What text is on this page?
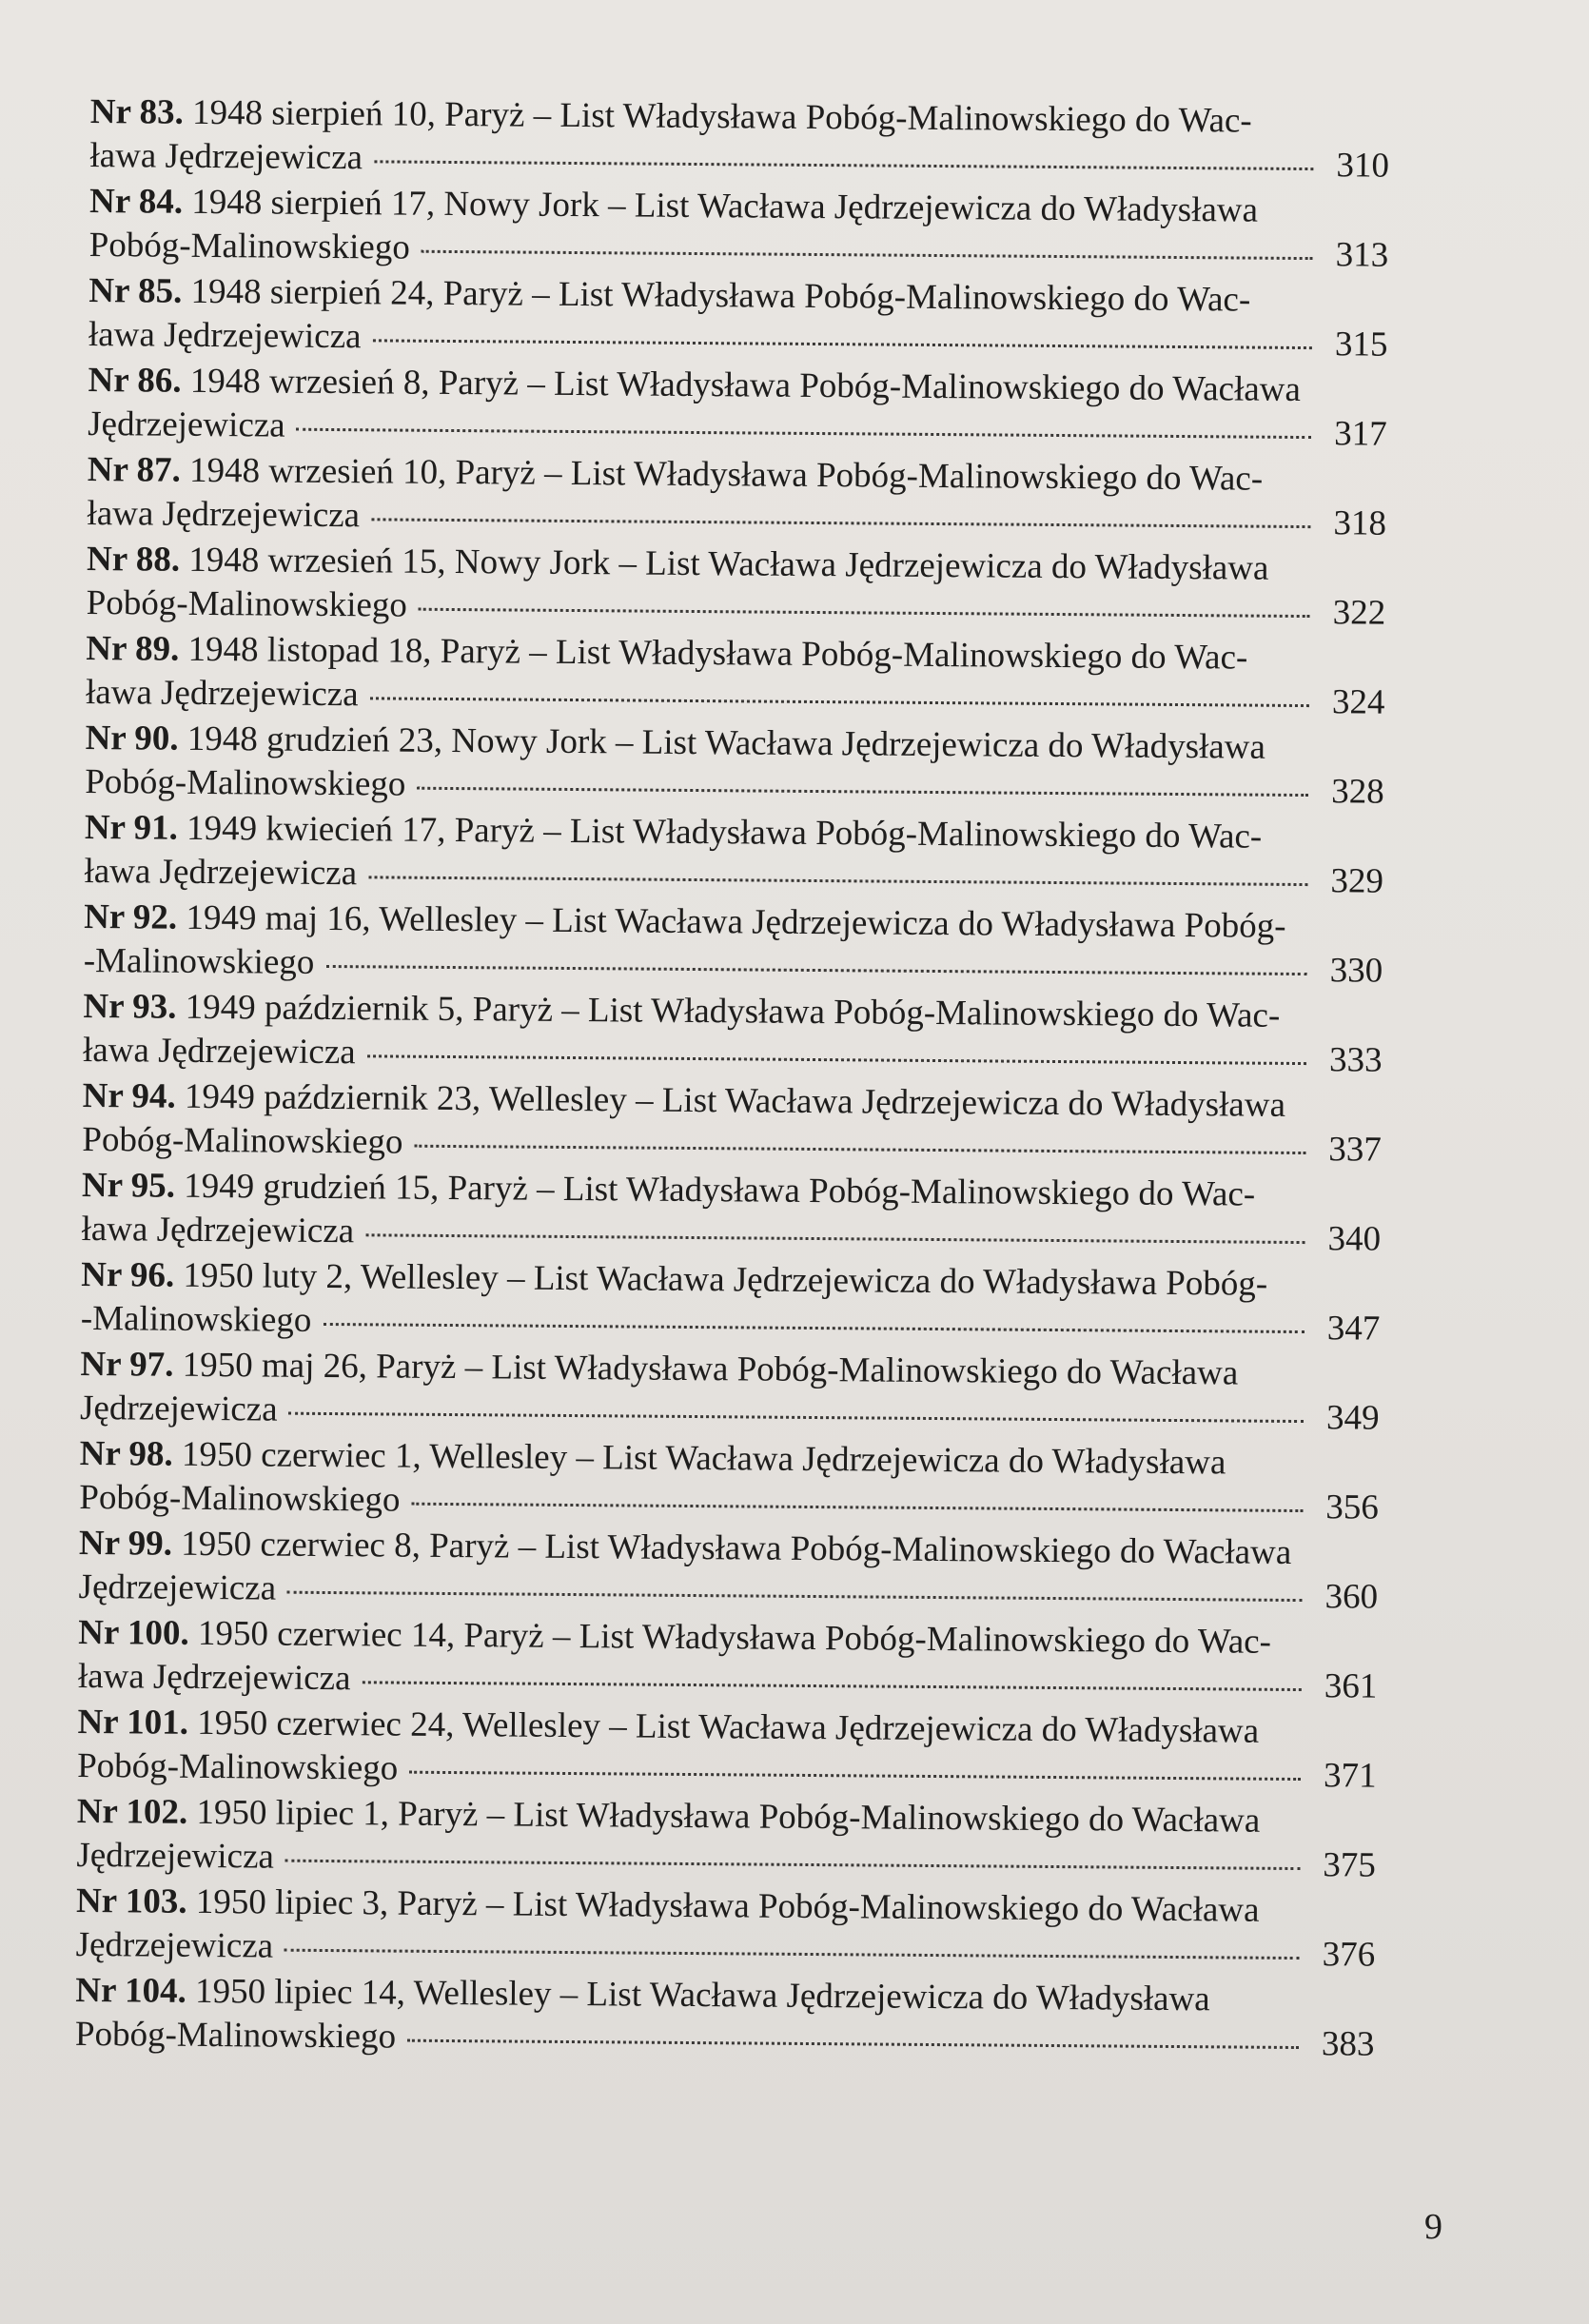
Nr 83. 1948 sierpień 10, Paryż – List Władysława Pobóg-Malinowskiego do Wac-
ława Jędrzejewicza	310
Nr 84. 1948 sierpień 17, Nowy Jork – List Wacława Jędrzejewicza do Władysława
Pobóg-Malinowskiego	313
Nr 85. 1948 sierpień 24, Paryż – List Władysława Pobóg-Malinowskiego do Wac-
ława Jędrzejewicza	315
Nr 86. 1948 wrzesień 8, Paryż – List Władysława Pobóg-Malinowskiego do Wacława
Jędrzejewicza	317
Nr 87. 1948 wrzesień 10, Paryż – List Władysława Pobóg-Malinowskiego do Wac-
ława Jędrzejewicza	318
Nr 88. 1948 wrzesień 15, Nowy Jork – List Wacława Jędrzejewicza do Władysława
Pobóg-Malinowskiego	322
Nr 89. 1948 listopad 18, Paryż – List Władysława Pobóg-Malinowskiego do Wac-
ława Jędrzejewicza	324
Nr 90. 1948 grudzień 23, Nowy Jork – List Wacława Jędrzejewicza do Władysława
Pobóg-Malinowskiego	328
Nr 91. 1949 kwiecień 17, Paryż – List Władysława Pobóg-Malinowskiego do Wac-
ława Jędrzejewicza	329
Nr 92. 1949 maj 16, Wellesley – List Wacława Jędrzejewicza do Władysława Pobóg-
-Malinowskiego	330
Nr 93. 1949 październik 5, Paryż – List Władysława Pobóg-Malinowskiego do Wac-
ława Jędrzejewicza	333
Nr 94. 1949 październik 23, Wellesley – List Wacława Jędrzejewicza do Władysława
Pobóg-Malinowskiego	337
Nr 95. 1949 grudzień 15, Paryż – List Władysława Pobóg-Malinowskiego do Wac-
ława Jędrzejewicza	340
Nr 96. 1950 luty 2, Wellesley – List Wacława Jędrzejewicza do Władysława Pobóg-
-Malinowskiego	347
Nr 97. 1950 maj 26, Paryż – List Władysława Pobóg-Malinowskiego do Wacława
Jędrzejewicza	349
Nr 98. 1950 czerwiec 1, Wellesley – List Wacława Jędrzejewicza do Władysława
Pobóg-Malinowskiego	356
Nr 99. 1950 czerwiec 8, Paryż – List Władysława Pobóg-Malinowskiego do Wacława
Jędrzejewicza	360
Nr 100. 1950 czerwiec 14, Paryż – List Władysława Pobóg-Malinowskiego do Wac-
ława Jędrzejewicza	361
Nr 101. 1950 czerwiec 24, Wellesley – List Wacława Jędrzejewicza do Władysława
Pobóg-Malinowskiego	371
Nr 102. 1950 lipiec 1, Paryż – List Władysława Pobóg-Malinowskiego do Wacława
Jędrzejewicza	375
Nr 103. 1950 lipiec 3, Paryż – List Władysława Pobóg-Malinowskiego do Wacława
Jędrzejewicza	376
Nr 104. 1950 lipiec 14, Wellesley – List Wacława Jędrzejewicza do Władysława
Pobóg-Malinowskiego	383
9
